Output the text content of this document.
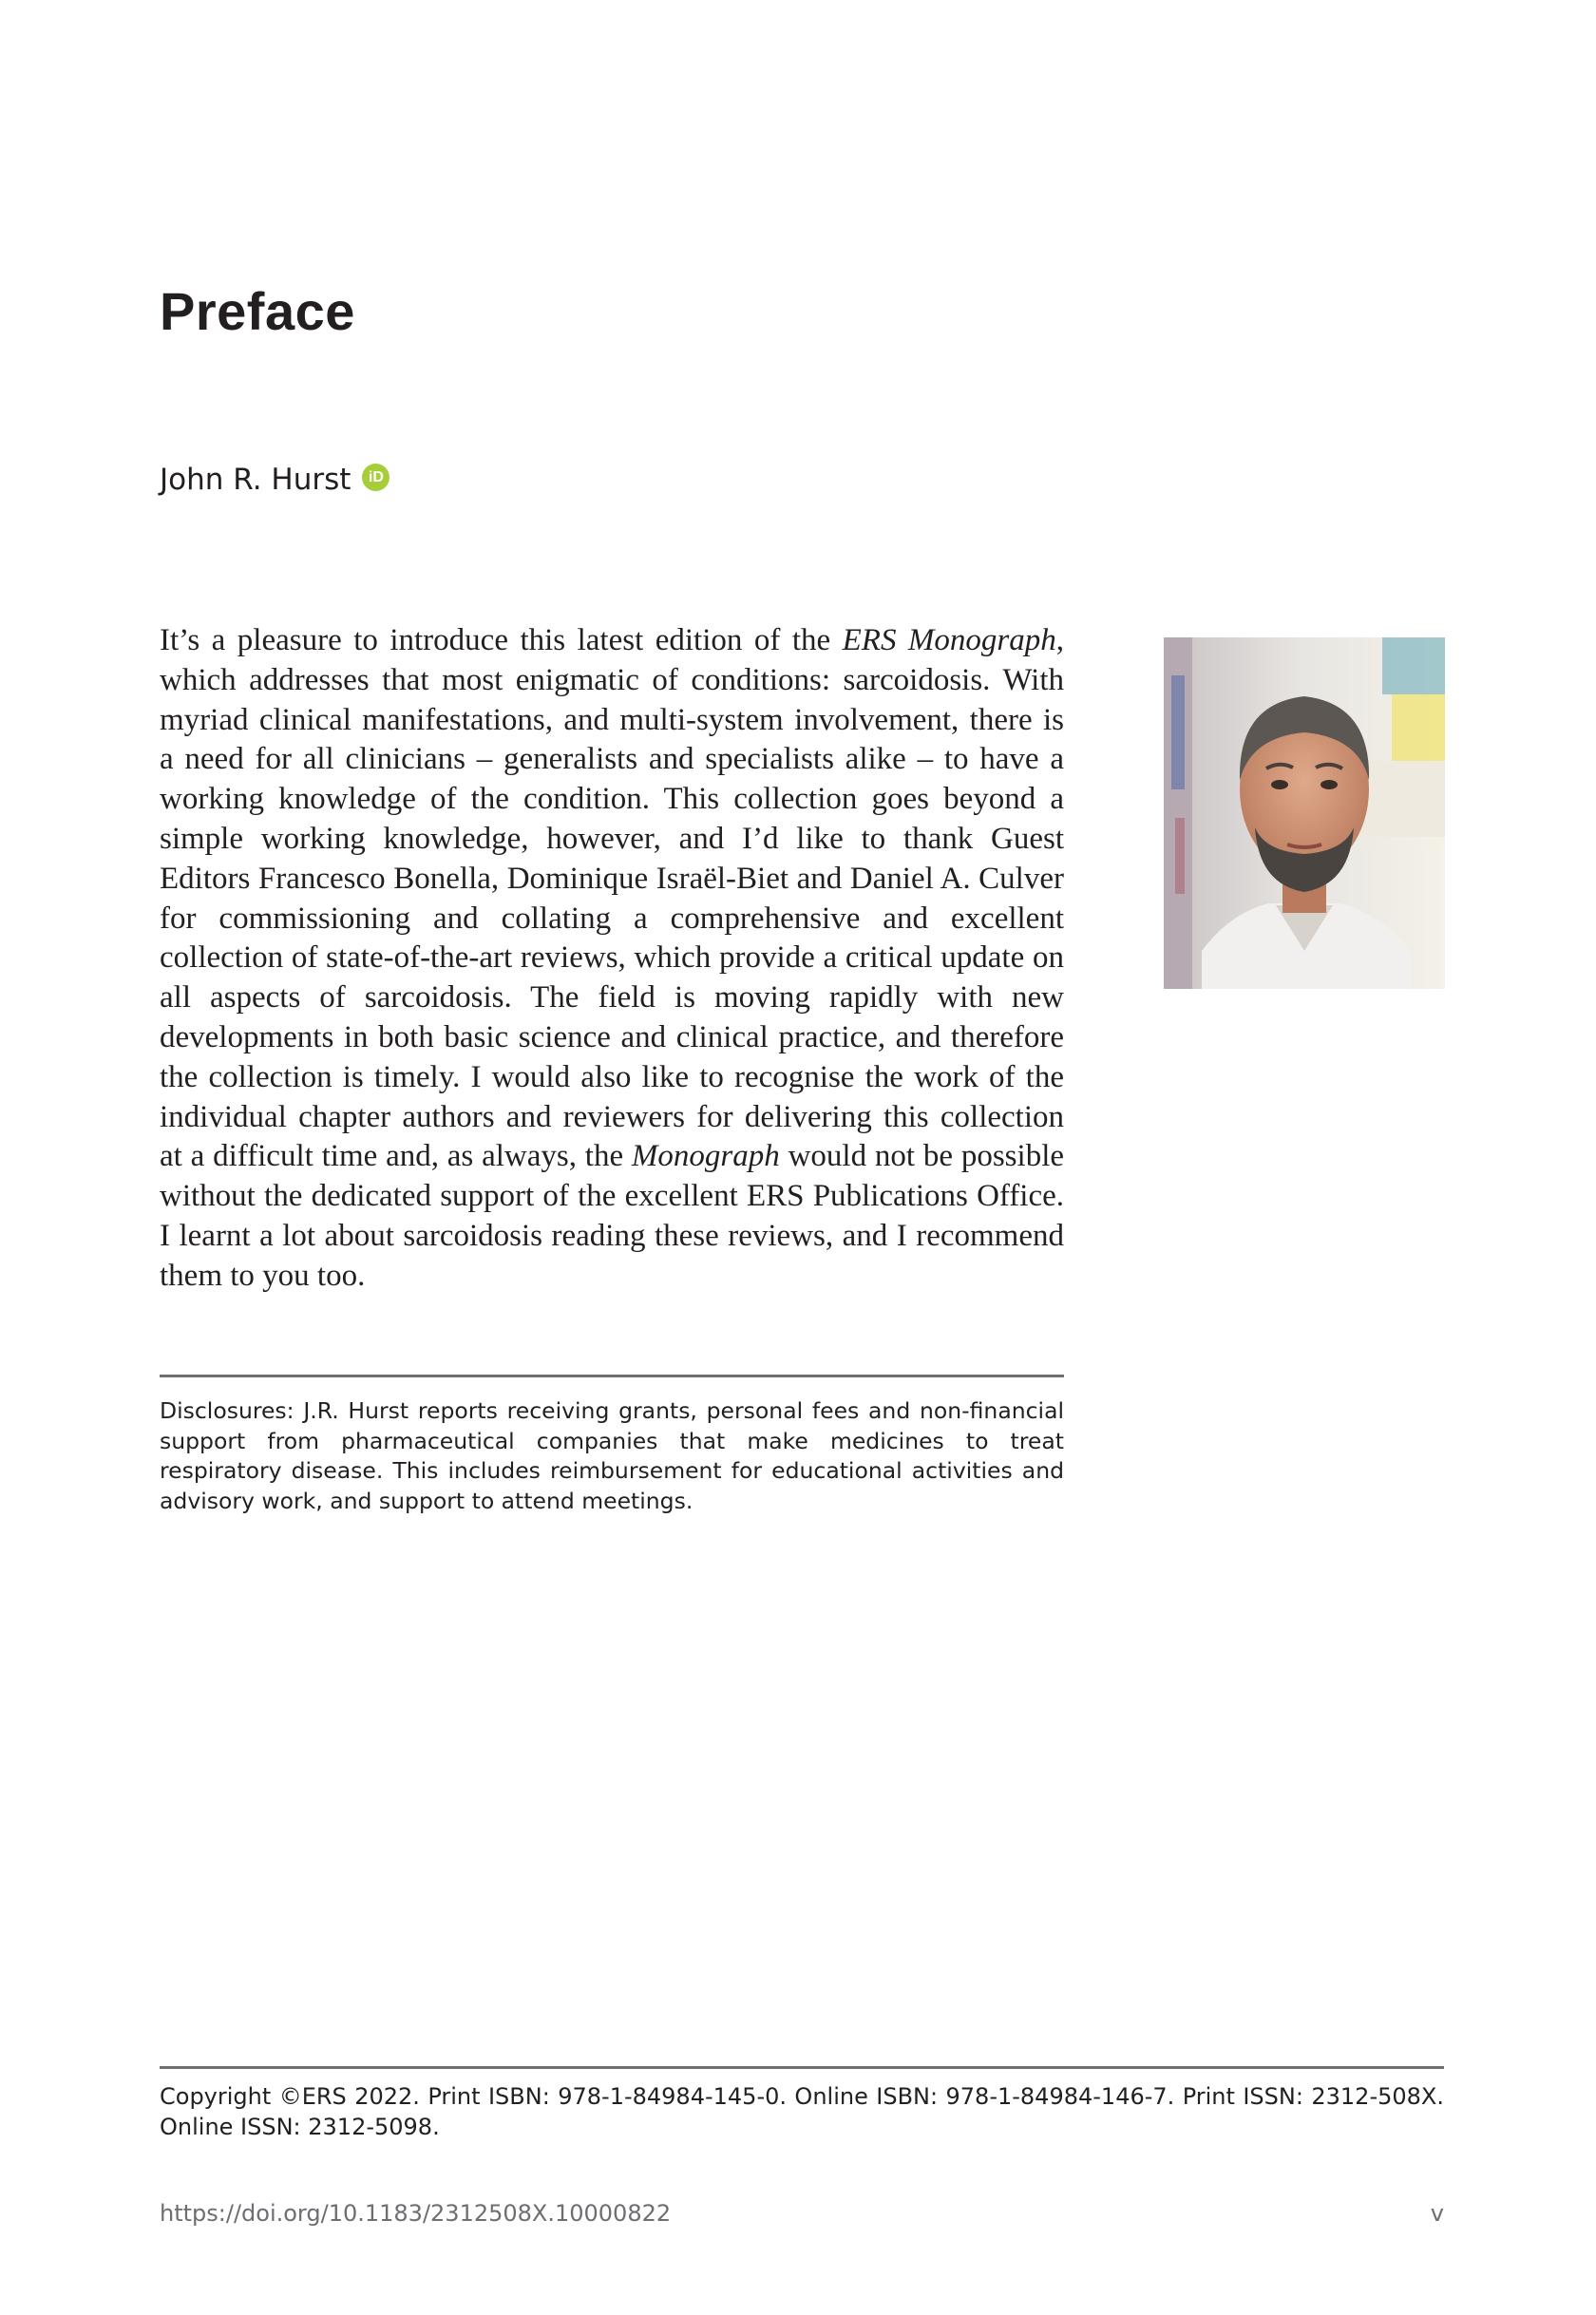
Preface
John R. Hurst	iD

It’s a pleasure to introduce this latest edition of the ERS Monograph, which addresses that most enigmatic of conditions: sarcoidosis. With myriad clinical manifestations, and multi-system involvement, there is a need for all clinicians – generalists and specialists alike – to have a working knowledge of the condition. This collection goes beyond a simple working knowledge, however, and I’d like to thank Guest Editors Francesco Bonella, Dominique Israël-Biet and Daniel A. Culver for commissioning and collating a comprehensive and excellent collection of state-of-the-art reviews, which provide a critical update on all aspects of sarcoidosis. The field is moving rapidly with new developments in both basic science and clinical practice, and therefore the collection is timely. I would also like to recognise the work of the individual chapter authors and reviewers for delivering this collection at a difficult time and, as always, the Monograph would not be possible without the dedicated support of the excellent ERS Publications Office. I learnt a lot about sarcoidosis reading these reviews, and I recommend them to you too.

Disclosures: J.R. Hurst reports receiving grants, personal fees and non-financial support from pharmaceutical companies that make medicines to treat respiratory disease. This includes reimbursement for educational activities and advisory work, and support to attend meetings.

Copyright ©ERS 2022. Print ISBN: 978-1-84984-145-0. Online ISBN: 978-1-84984-146-7. Print ISSN: 2312-508X. Online ISSN: 2312-5098.

https://doi.org/10.1183/2312508X.10000822	v
